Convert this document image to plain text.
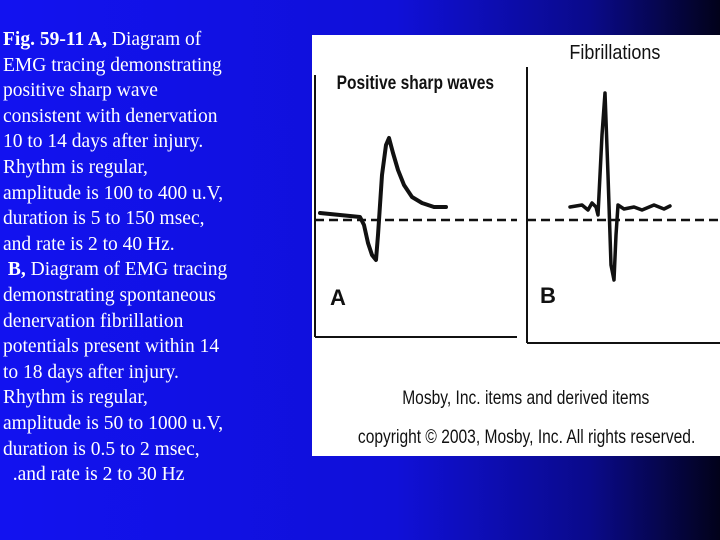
Fig. 59-11 A, Diagram of
EMG tracing demonstrating
positive sharp wave
consistent with denervation
10 to 14 days after injury.
Rhythm is regular,
amplitude is 100 to 400 u.V,
duration is 5 to 150 msec,
and rate is 2 to 40 Hz.
B, Diagram of EMG tracing
demonstrating spontaneous
denervation fibrillation
potentials present within 14
to 18 days after injury.
Rhythm is regular,
amplitude is 50 to 1000 u.V,
duration is 0.5 to 2 msec,
.and rate is 2 to 30 Hz
Positive sharp waves
A
Fibrillations
B
Mosby, Inc. items and derived items
copyright © 2003, Mosby, Inc. All rights reserved.
